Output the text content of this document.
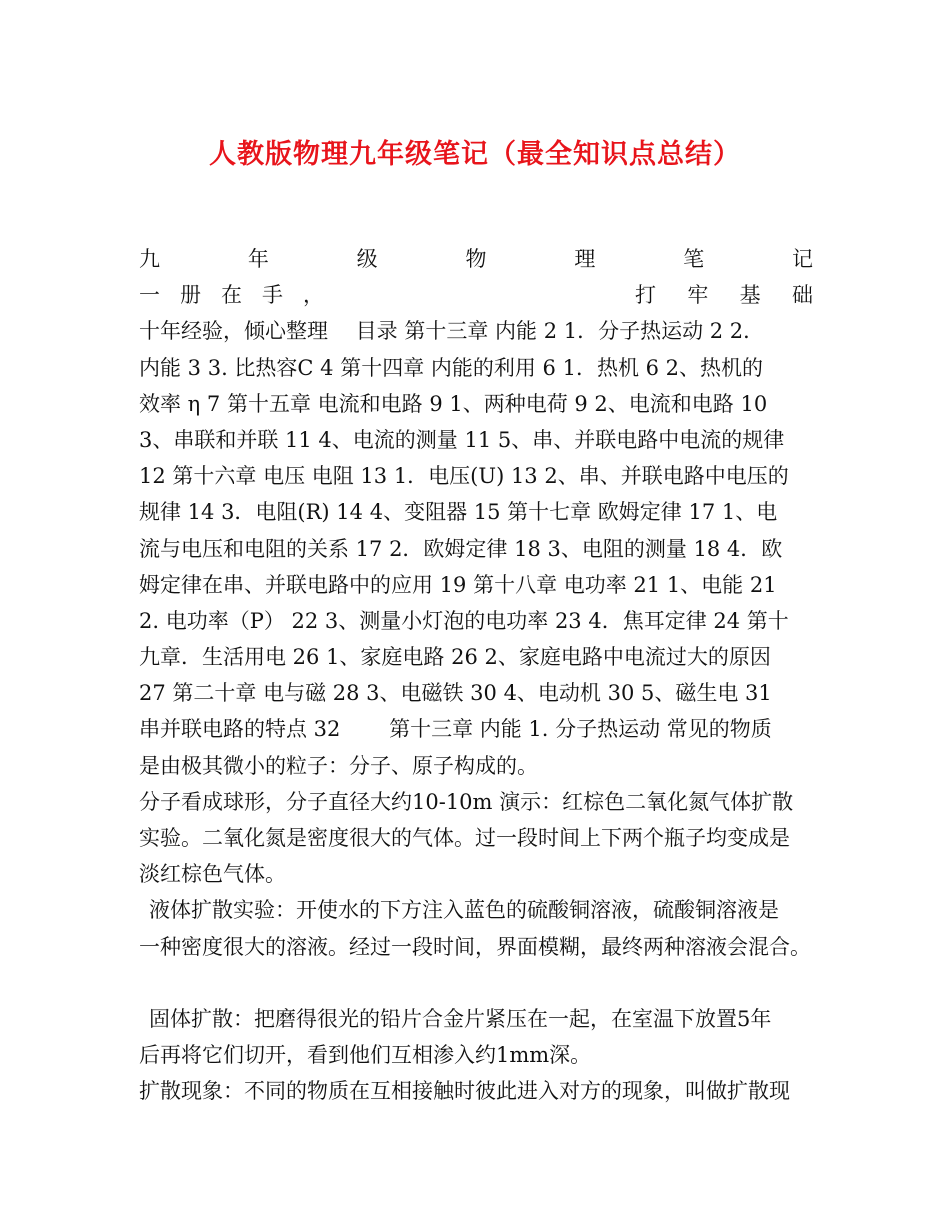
人教版物理九年级笔记（最全知识点总结）
九	年	级	物	理	笔	记
一 册 在 手 ，	打 牢 基 础
十年经验，倾心整理　 目录 第十三章 内能 2 1．分子热运动 2 2．
内能 3 3. 比热容C 4 第十四章 内能的利用 6 1．热机 6 2、热机的
效率 η 7 第十五章 电流和电路 9 1、两种电荷 9 2、电流和电路 10
3、串联和并联 11 4、电流的测量 11 5、串、并联电路中电流的规律
12 第十六章 电压 电阻 13 1．电压(U) 13 2、串、并联电路中电压的
规律 14 3．电阻(R) 14 4、变阻器 15 第十七章 欧姆定律 17 1、电
流与电压和电阻的关系 17 2．欧姆定律 18 3、电阻的测量 18 4．欧
姆定律在串、并联电路中的应用 19 第十八章 电功率 21 1、电能 21
2. 电功率（P） 22 3、测量小灯泡的电功率 23 4．焦耳定律 24 第十
九章．生活用电 26 1、家庭电路 26 2、家庭电路中电流过大的原因
27 第二十章 电与磁 28 3、电磁铁 30 4、电动机 30 5、磁生电 31
串并联电路的特点 32　　 第十三章 内能 1. 分子热运动 常见的物质
是由极其微小的粒子：分子、原子构成的。
分子看成球形，分子直径大约10-10m 演示：红棕色二氧化氮气体扩散
实验。二氧化氮是密度很大的气体。过一段时间上下两个瓶子均变成是
淡红棕色气体。
液体扩散实验：开使水的下方注入蓝色的硫酸铜溶液，硫酸铜溶液是
一种密度很大的溶液。经过一段时间，界面模糊，最终两种溶液会混合。
固体扩散：把磨得很光的铅片合金片紧压在一起，在室温下放置5年
后再将它们切开，看到他们互相渗入约1mm深。
扩散现象：不同的物质在互相接触时彼此进入对方的现象，叫做扩散现
